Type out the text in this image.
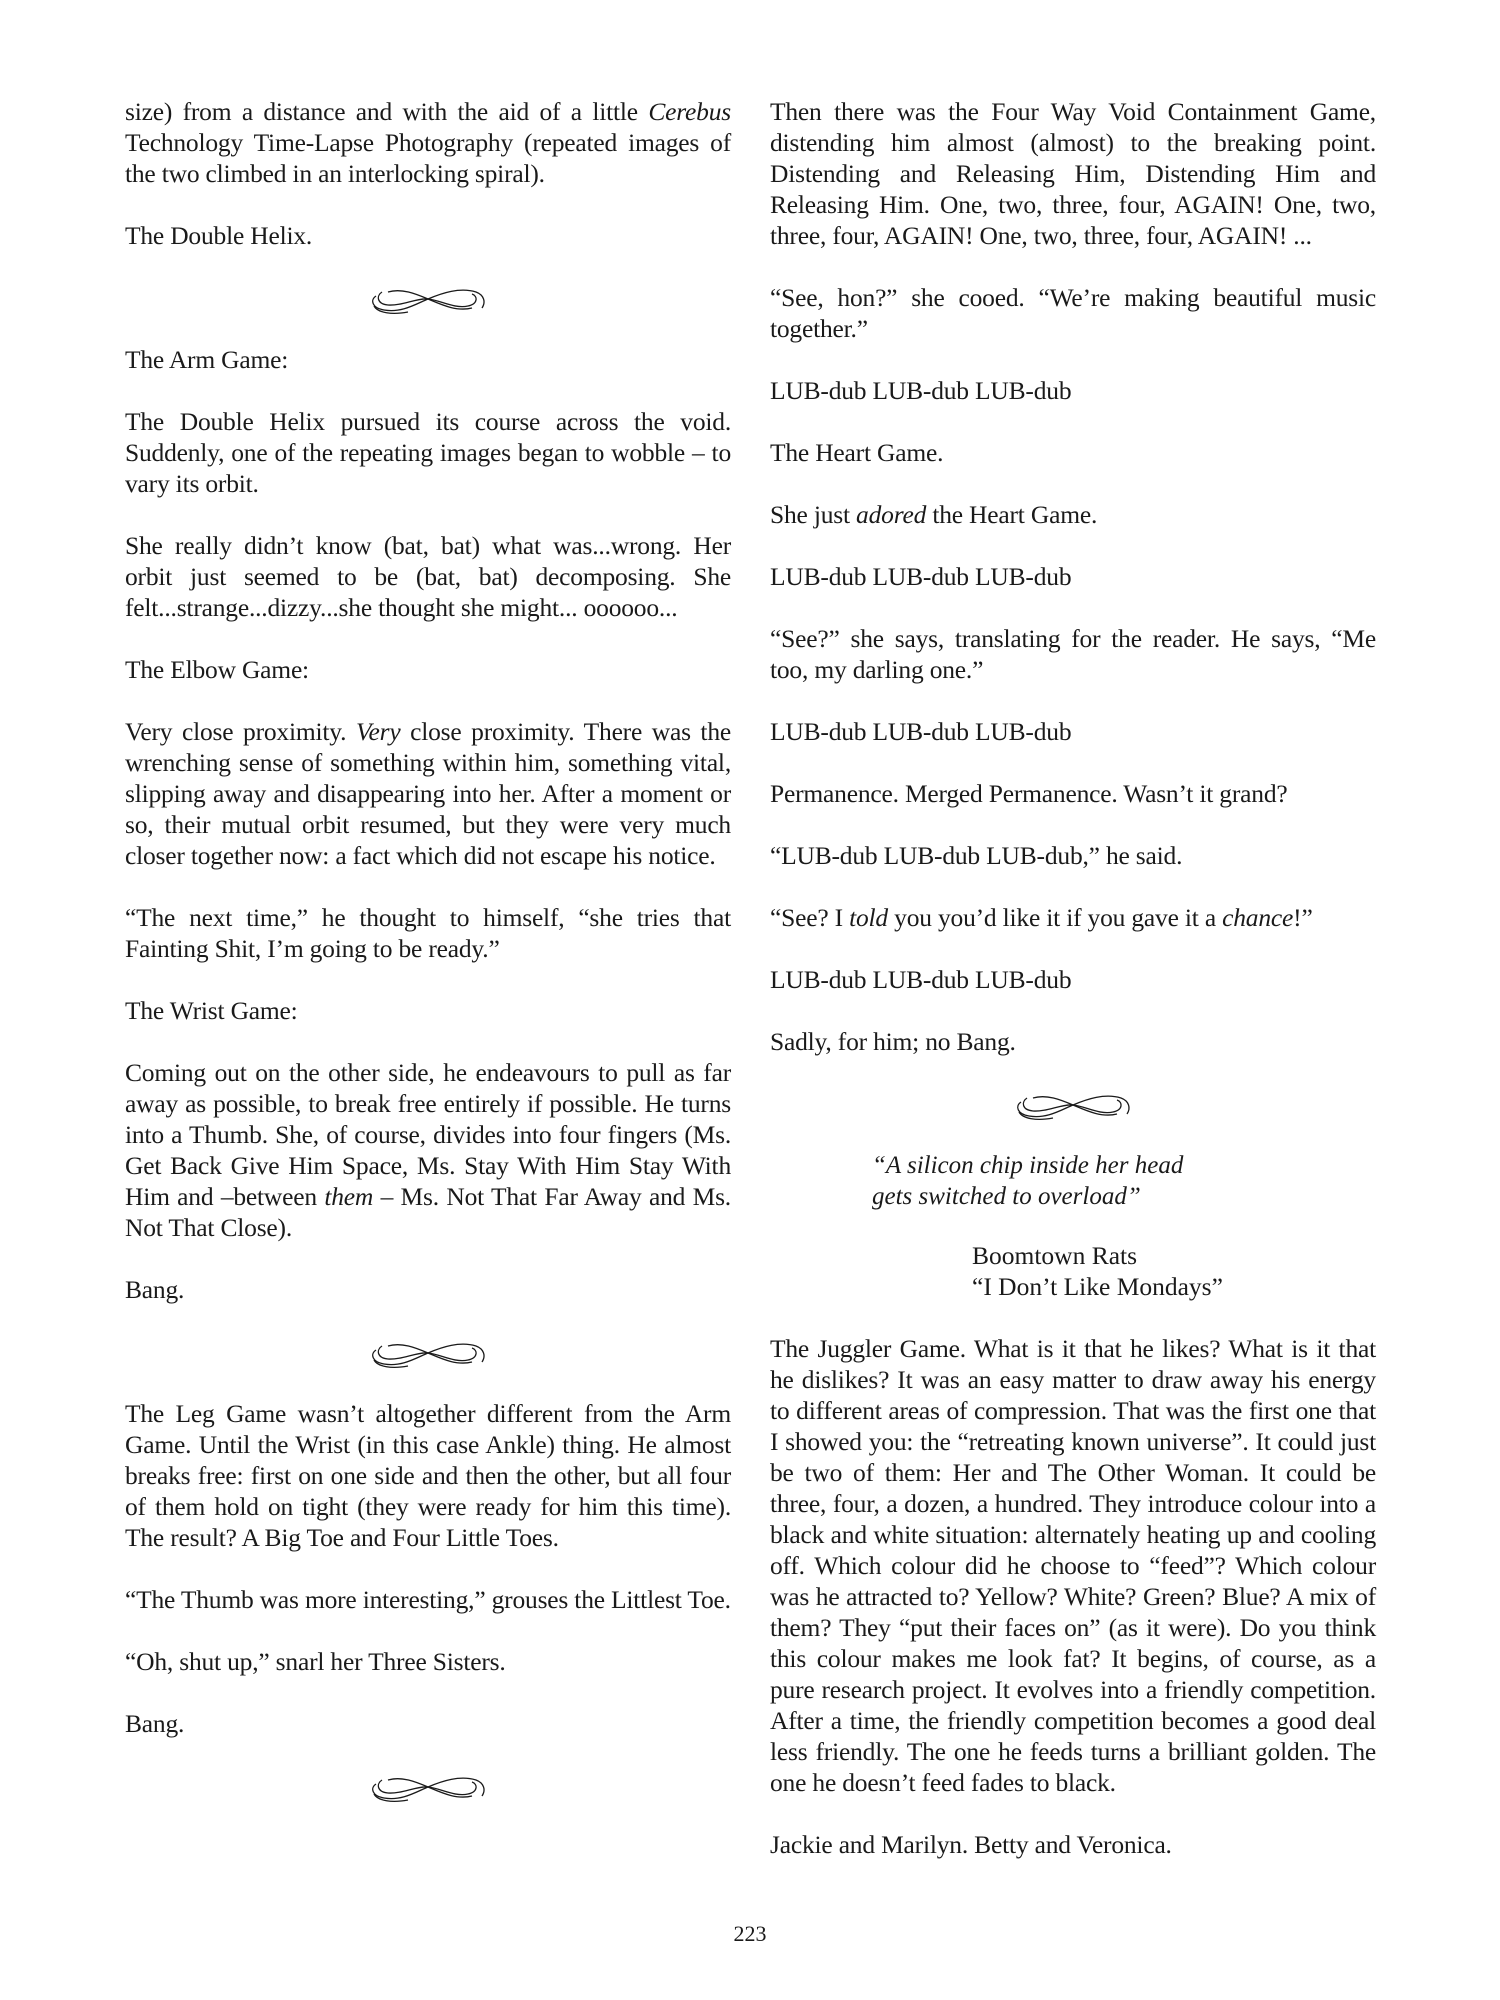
size) from a distance and with the aid of a little Cerebus Technology Time-Lapse Photography (repeated images of the two climbed in an interlocking spiral).

The Double Helix.

The Arm Game:

The Double Helix pursued its course across the void. Suddenly, one of the repeating images began to wobble – to vary its orbit.

She really didn’t know (bat, bat) what was...wrong. Her orbit just seemed to be (bat, bat) decomposing. She felt...strange...dizzy...she thought she might... oooooo...

The Elbow Game:

Very close proximity. Very close proximity. There was the wrenching sense of something within him, something vital, slipping away and disappearing into her. After a moment or so, their mutual orbit resumed, but they were very much closer together now: a fact which did not escape his notice.

“The next time,” he thought to himself, “she tries that Fainting Shit, I’m going to be ready.”

The Wrist Game:

Coming out on the other side, he endeavours to pull as far away as possible, to break free entirely if possible. He turns into a Thumb. She, of course, divides into four fingers (Ms. Get Back Give Him Space, Ms. Stay With Him Stay With Him and –between them – Ms. Not That Far Away and Ms. Not That Close).

Bang.

The Leg Game wasn’t altogether different from the Arm Game. Until the Wrist (in this case Ankle) thing. He almost breaks free: first on one side and then the other, but all four of them hold on tight (they were ready for him this time). The result? A Big Toe and Four Little Toes.

“The Thumb was more interesting,” grouses the Littlest Toe.

“Oh, shut up,” snarl her Three Sisters.

Bang.

Then there was the Four Way Void Containment Game, distending him almost (almost) to the breaking point. Distending and Releasing Him, Distending Him and Releasing Him. One, two, three, four, AGAIN! One, two, three, four, AGAIN! One, two, three, four, AGAIN! ...

“See, hon?” she cooed. “We’re making beautiful music together.”

LUB-dub LUB-dub LUB-dub

The Heart Game.

She just adored the Heart Game.

LUB-dub LUB-dub LUB-dub

“See?” she says, translating for the reader. He says, “Me too, my darling one.”

LUB-dub LUB-dub LUB-dub

Permanence. Merged Permanence. Wasn’t it grand?

“LUB-dub LUB-dub LUB-dub,” he said.

“See? I told you you’d like it if you gave it a chance!”

LUB-dub LUB-dub LUB-dub

Sadly, for him; no Bang.

“A silicon chip inside her head
gets switched to overload”
Boomtown Rats
“I Don’t Like Mondays”

The Juggler Game. What is it that he likes? What is it that he dislikes? It was an easy matter to draw away his energy to different areas of compression. That was the first one that I showed you: the “retreating known universe”. It could just be two of them: Her and The Other Woman. It could be three, four, a dozen, a hundred. They introduce colour into a black and white situation: alternately heating up and cooling off. Which colour did he choose to “feed”? Which colour was he attracted to? Yellow? White? Green? Blue? A mix of them? They “put their faces on” (as it were). Do you think this colour makes me look fat? It begins, of course, as a pure research project. It evolves into a friendly competition. After a time, the friendly competition becomes a good deal less friendly. The one he feeds turns a brilliant golden. The one he doesn’t feed fades to black.

Jackie and Marilyn. Betty and Veronica.

223
